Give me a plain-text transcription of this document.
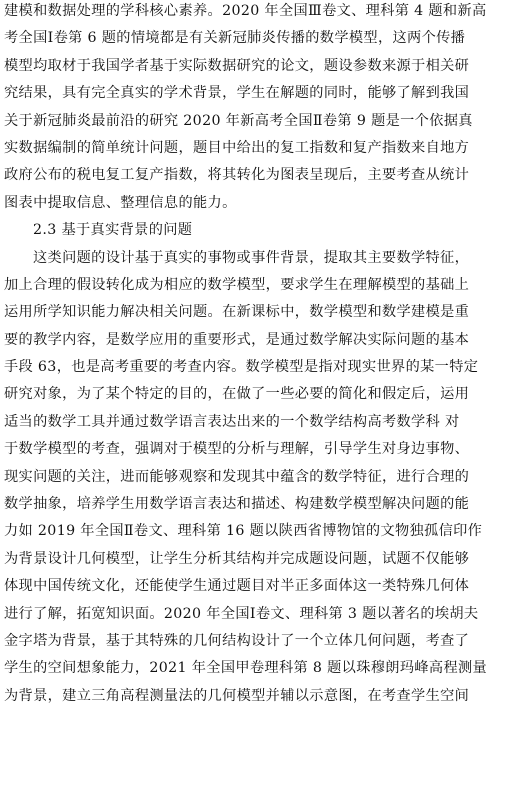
建模和数据处理的学科核心素养。2020 年全国Ⅲ卷文、理科第 4 题和新高
考全国Ⅰ卷第 6 题的情境都是有关新冠肺炎传播的数学模型，这两个传播
模型均取材于我国学者基于实际数据研究的论文，题设参数来源于相关研
究结果，具有完全真实的学术背景，学生在解题的同时，能够了解到我国
关于新冠肺炎最前沿的研究 2020 年新高考全国Ⅱ卷第 9 题是一个依据真
实数据编制的简单统计问题，题目中给出的复工指数和复产指数来自地方
政府公布的税电复工复产指数，将其转化为图表呈现后，主要考查从统计
图表中提取信息、整理信息的能力。
2.3 基于真实背景的问题
这类问题的设计基于真实的事物或事件背景，提取其主要数学特征，
加上合理的假设转化成为相应的数学模型，要求学生在理解模型的基础上
运用所学知识能力解决相关问题。在新课标中，数学模型和数学建模是重
要的教学内容，是数学应用的重要形式，是通过数学解决实际问题的基本
手段 63，也是高考重要的考查内容。数学模型是指对现实世界的某一特定
研究对象，为了某个特定的目的，在做了一些必要的简化和假定后，运用
适当的数学工具并通过数学语言表达出来的一个数学结构高考数学科 对
于数学模型的考查，强调对于模型的分析与理解，引导学生对身边事物、
现实问题的关注，进而能够观察和发现其中蕴含的数学特征，进行合理的
数学抽象，培养学生用数学语言表达和描述、构建数学模型解决问题的能
力如 2019 年全国Ⅱ卷文、理科第 16 题以陕西省博物馆的文物独孤信印作
为背景设计几何模型，让学生分析其结构并完成题设问题，试题不仅能够
体现中国传统文化，还能使学生通过题目对半正多面体这一类特殊几何体
进行了解，拓宽知识面。2020 年全国Ⅰ卷文、理科第 3 题以著名的埃胡夫
金字塔为背景，基于其特殊的几何结构设计了一个立体几何问题，考查了
学生的空间想象能力，2021 年全国甲卷理科第 8 题以珠穆朗玛峰高程测量
为背景，建立三角高程测量法的几何模型并辅以示意图，在考查学生空间
